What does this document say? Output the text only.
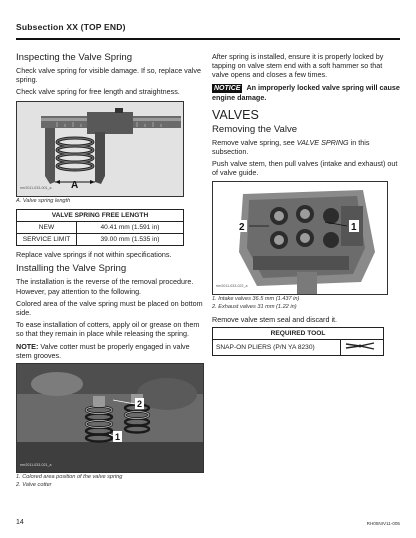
Subsection XX (TOP END)
Inspecting the Valve Spring

Check valve spring for visible damage. If so, replace valve spring.

Check valve spring for free length and straightness.

A
rmr2011-033-001_a
A. Valve spring length
VALVE SPRING FREE LENGTH	
NEW	40.41 mm (1.591 in)
SERVICE LIMIT	39.00 mm (1.535 in)

Replace valve springs if not within specifications.

Installing the Valve Spring

The installation is the reverse of the removal procedure. However, pay attention to the following.

Colored area of the valve spring must be placed on bottom side.

To ease installation of cotters, apply oil or grease on them so that they remain in place while releasing the spring.

NOTE: Valve cotter must be properly engaged in valve stem grooves.

2
1
rmr2011-033-021_a
1. Colored area position of the valve spring
2. Valve cotter

After spring is installed, ensure it is properly locked by tapping on valve stem end with a soft hammer so that valve opens and closes a few times.

NOTICE An improperly locked valve spring will cause engine damage.

VALVES
Removing the Valve

Remove valve spring, see VALVE SPRING in this subsection.

Push valve stem, then pull valves (intake and exhaust) out of valve guide.

2	1
rmr2011-033-022_a
1. Intake valves 36.5 mm (1.437 in)
2. Exhaust valves 31 mm (1.22 in)

Remove valve stem seal and discard it.

REQUIRED TOOL
SNAP-ON PLIERS (P/N YA 8230)	
14	RH05NIV11-005
